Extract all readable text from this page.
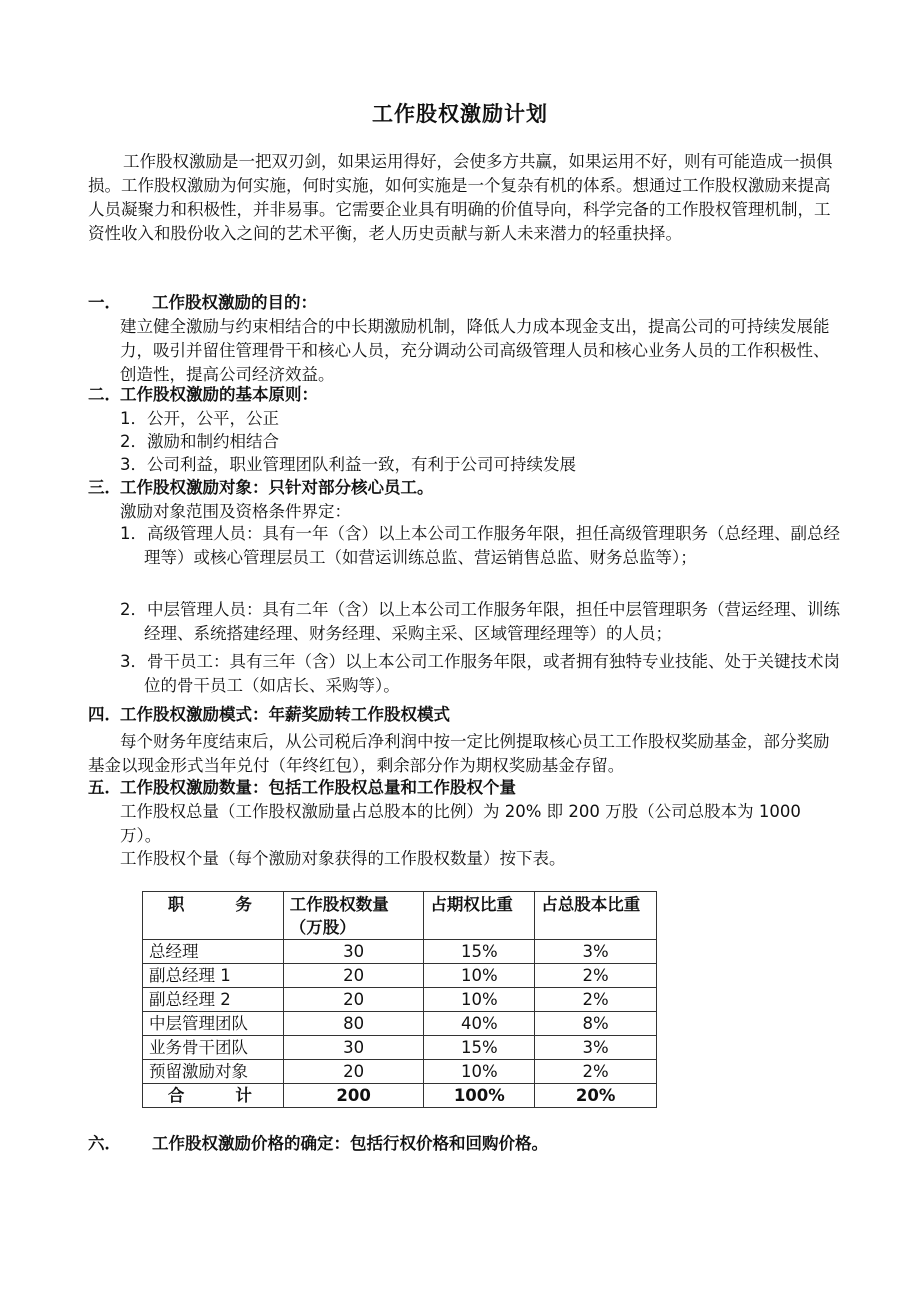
工作股权激励计划
工作股权激励是一把双刃剑，如果运用得好，会使多方共赢，如果运用不好，则有可能造成一损俱损。工作股权激励为何实施，何时实施，如何实施是一个复杂有机的体系。想通过工作股权激励来提高人员凝聚力和积极性，并非易事。它需要企业具有明确的价值导向，科学完备的工作股权管理机制，工资性收入和股份收入之间的艺术平衡，老人历史贡献与新人未来潜力的轻重抉择。
一． 工作股权激励的目的：
建立健全激励与约束相结合的中长期激励机制，降低人力成本现金支出，提高公司的可持续发展能力，吸引并留住管理骨干和核心人员，充分调动公司高级管理人员和核心业务人员的工作积极性、创造性，提高公司经济效益。
二．工作股权激励的基本原则：
1．公开，公平，公正
2．激励和制约相结合
3．公司利益，职业管理团队利益一致，有利于公司可持续发展
三．工作股权激励对象：只针对部分核心员工。
激励对象范围及资格条件界定：
1．高级管理人员：具有一年（含）以上本公司工作服务年限，担任高级管理职务（总经理、副总经理等）或核心管理层员工（如营运训练总监、营运销售总监、财务总监等）；
2．中层管理人员：具有二年（含）以上本公司工作服务年限，担任中层管理职务（营运经理、训练经理、系统搭建经理、财务经理、采购主采、区域管理经理等）的人员；
3．骨干员工：具有三年（含）以上本公司工作服务年限，或者拥有独特专业技能、处于关键技术岗位的骨干员工（如店长、采购等）。
四．工作股权激励模式：年薪奖励转工作股权模式
每个财务年度结束后，从公司税后净利润中按一定比例提取核心员工工作股权奖励基金，部分奖励基金以现金形式当年兑付（年终红包），剩余部分作为期权奖励基金存留。
五．工作股权激励数量：包括工作股权总量和工作股权个量
工作股权总量（工作股权激励量占总股本的比例）为 20% 即 200 万股（公司总股本为 1000 万）。
工作股权个量（每个激励对象获得的工作股权数量）按下表。
职　　务	工作股权数量（万股）	占期权比重	占总股本比重
总经理	30	15%	3%
副总经理 1	20	10%	2%
副总经理 2	20	10%	2%
中层管理团队	80	40%	8%
业务骨干团队	30	15%	3%
预留激励对象	20	10%	2%
合　　计	200	100%	20%
六． 工作股权激励价格的确定：包括行权价格和回购价格。
